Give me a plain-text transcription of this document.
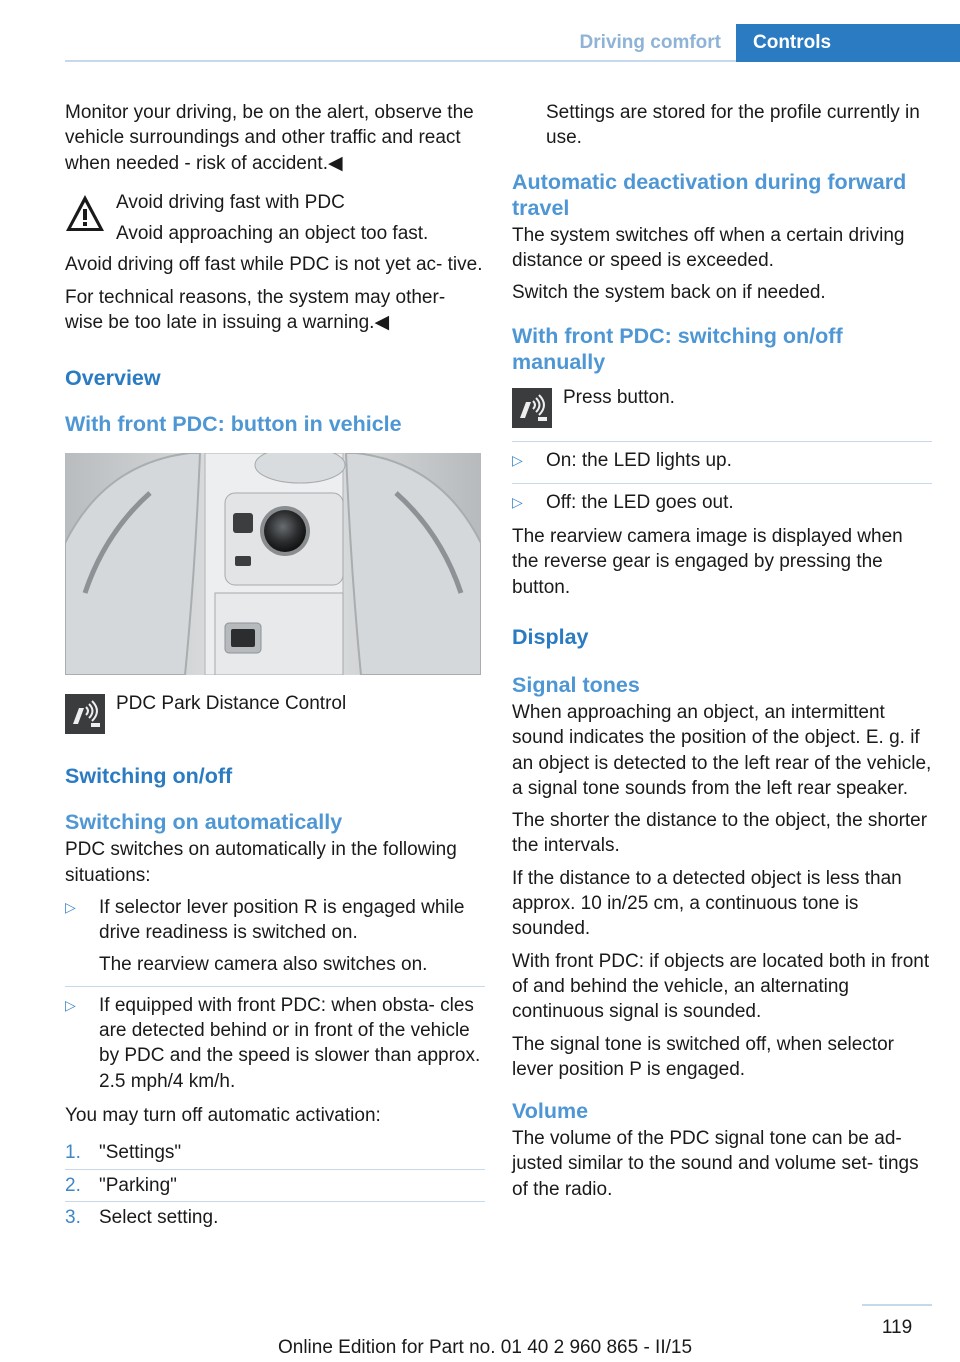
Driving comfort	Controls

Monitor your driving, be on the alert, observe the vehicle surroundings and other traffic and react when needed - risk of accident.◀

Avoid driving fast with PDC

Avoid approaching an object too fast.

Avoid driving off fast while PDC is not yet ac‐ tive.

For technical reasons, the system may other‐ wise be too late in issuing a warning.◀

Overview
With front PDC: button in vehicle

PDC Park Distance Control

Switching on/off
Switching on automatically

PDC switches on automatically in the following situations:

▷ If selector lever position R is engaged while drive readiness is switched on.
The rearview camera also switches on.
▷ If equipped with front PDC: when obsta‐ cles are detected behind or in front of the vehicle by PDC and the speed is slower than approx. 2.5 mph/4 km/h.

You may turn off automatic activation:

1. "Settings"
2. "Parking"
3. Select setting.

Settings are stored for the profile currently in use.

Automatic deactivation during forward travel

The system switches off when a certain driving distance or speed is exceeded.

Switch the system back on if needed.

With front PDC: switching on/off manually

Press button.

▷ On: the LED lights up.
▷ Off: the LED goes out.

The rearview camera image is displayed when the reverse gear is engaged by pressing the button.

Display
Signal tones

When approaching an object, an intermittent sound indicates the position of the object. E. g. if an object is detected to the left rear of the vehicle, a signal tone sounds from the left rear speaker.

The shorter the distance to the object, the shorter the intervals.

If the distance to a detected object is less than approx. 10 in/25 cm, a continuous tone is sounded.

With front PDC: if objects are located both in front of and behind the vehicle, an alternating continuous signal is sounded.

The signal tone is switched off, when selector lever position P is engaged.

Volume

The volume of the PDC signal tone can be ad‐ justed similar to the sound and volume set‐ tings of the radio.

119
Online Edition for Part no. 01 40 2 960 865 - II/15
